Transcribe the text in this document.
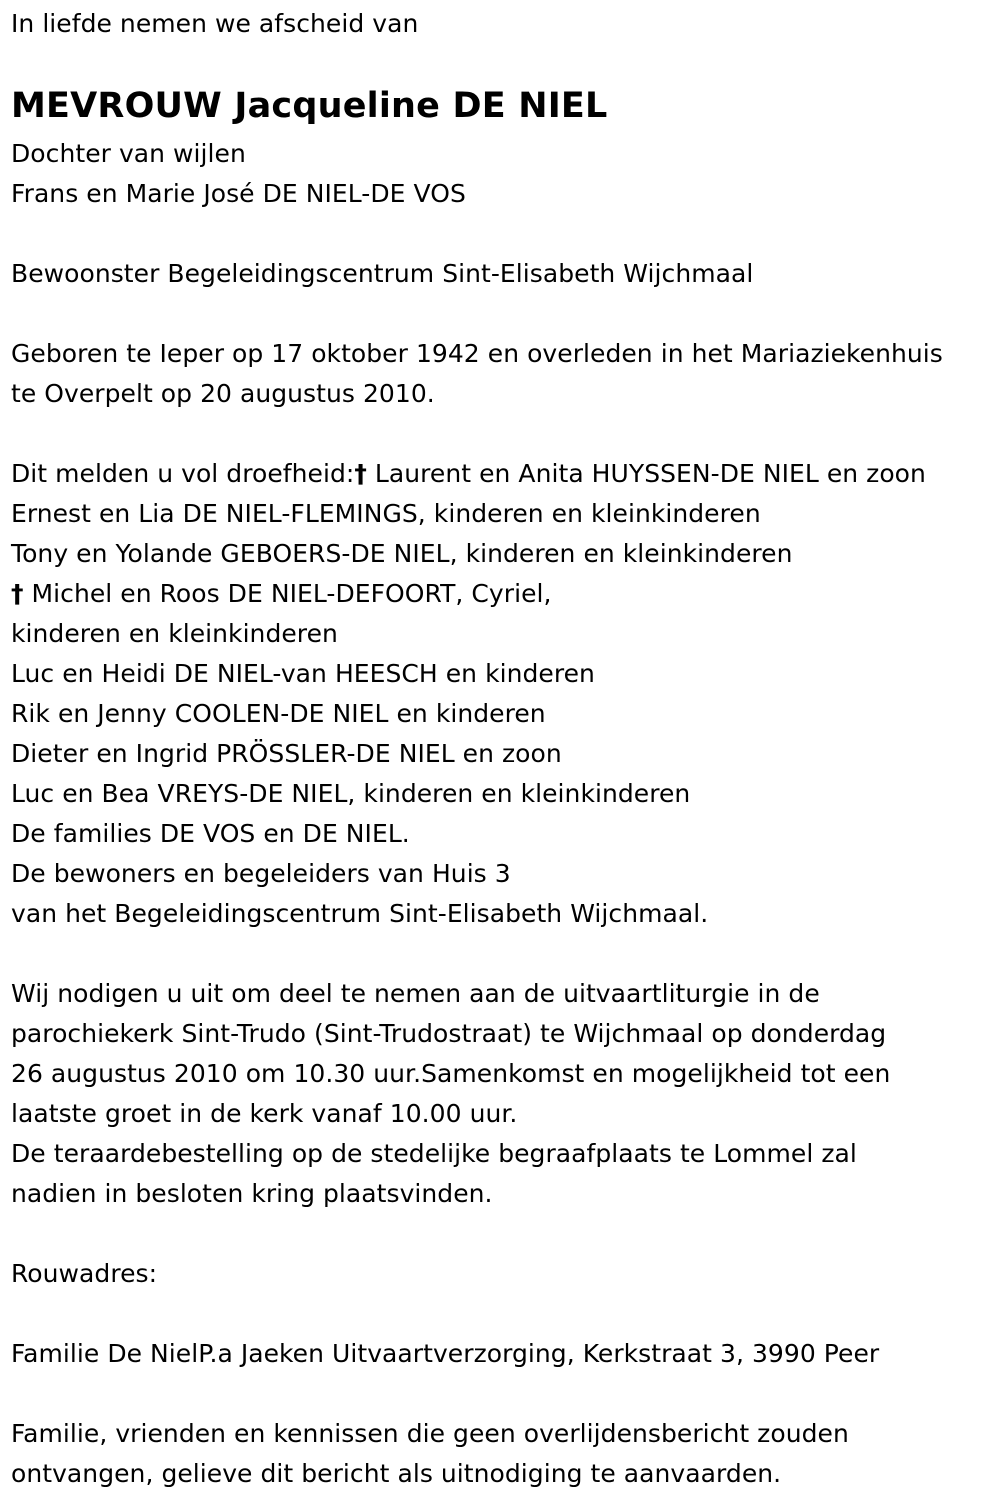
In liefde nemen we afscheid van
MEVROUW Jacqueline DE NIEL
Dochter van wijlen
Frans en Marie José DE NIEL-DE VOS
Bewoonster Begeleidingscentrum Sint-Elisabeth Wijchmaal
Geboren te Ieper op 17 oktober 1942 en overleden in het Mariaziekenhuis
te Overpelt op 20 augustus 2010.
Dit melden u vol droefheid:† Laurent en Anita HUYSSEN-DE NIEL en zoon
Ernest en Lia DE NIEL-FLEMINGS, kinderen en kleinkinderen
Tony en Yolande GEBOERS-DE NIEL, kinderen en kleinkinderen
† Michel en Roos DE NIEL-DEFOORT, Cyriel,
kinderen en kleinkinderen
Luc en Heidi DE NIEL-van HEESCH en kinderen
Rik en Jenny COOLEN-DE NIEL en kinderen
Dieter en Ingrid PRÖSSLER-DE NIEL en zoon
Luc en Bea VREYS-DE NIEL, kinderen en kleinkinderen
De families DE VOS en DE NIEL.
De bewoners en begeleiders van Huis 3
van het Begeleidingscentrum Sint-Elisabeth Wijchmaal.
Wij nodigen u uit om deel te nemen aan de uitvaartliturgie in de
parochiekerk Sint-Trudo (Sint-Trudostraat) te Wijchmaal op donderdag
26 augustus 2010 om 10.30 uur.Samenkomst en mogelijkheid tot een
laatste groet in de kerk vanaf 10.00 uur.
De teraardebestelling op de stedelijke begraafplaats te Lommel zal
nadien in besloten kring plaatsvinden.
Rouwadres:
Familie De NielP.a Jaeken Uitvaartverzorging, Kerkstraat 3, 3990 Peer
Familie, vrienden en kennissen die geen overlijdensbericht zouden
ontvangen, gelieve dit bericht als uitnodiging te aanvaarden.
